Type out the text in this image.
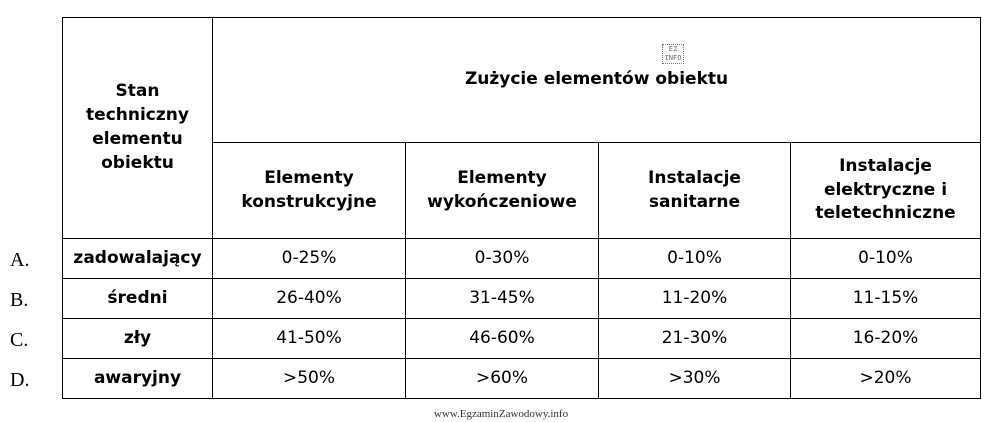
A.
B.
C.
D.
EZ INFO
Stan techniczny elementu obiektu	Zużycie elementów obiektu			
	Elementy konstrukcyjne	Elementy wykończeniowe	Instalacje sanitarne	Instalacje elektryczne i teletechniczne
zadowalający	0-25%	0-30%	0-10%	0-10%
średni	26-40%	31-45%	11-20%	11-15%
zły	41-50%	46-60%	21-30%	16-20%
awaryjny	>50%	>60%	>30%	>20%
www.EgzaminZawodowy.info
